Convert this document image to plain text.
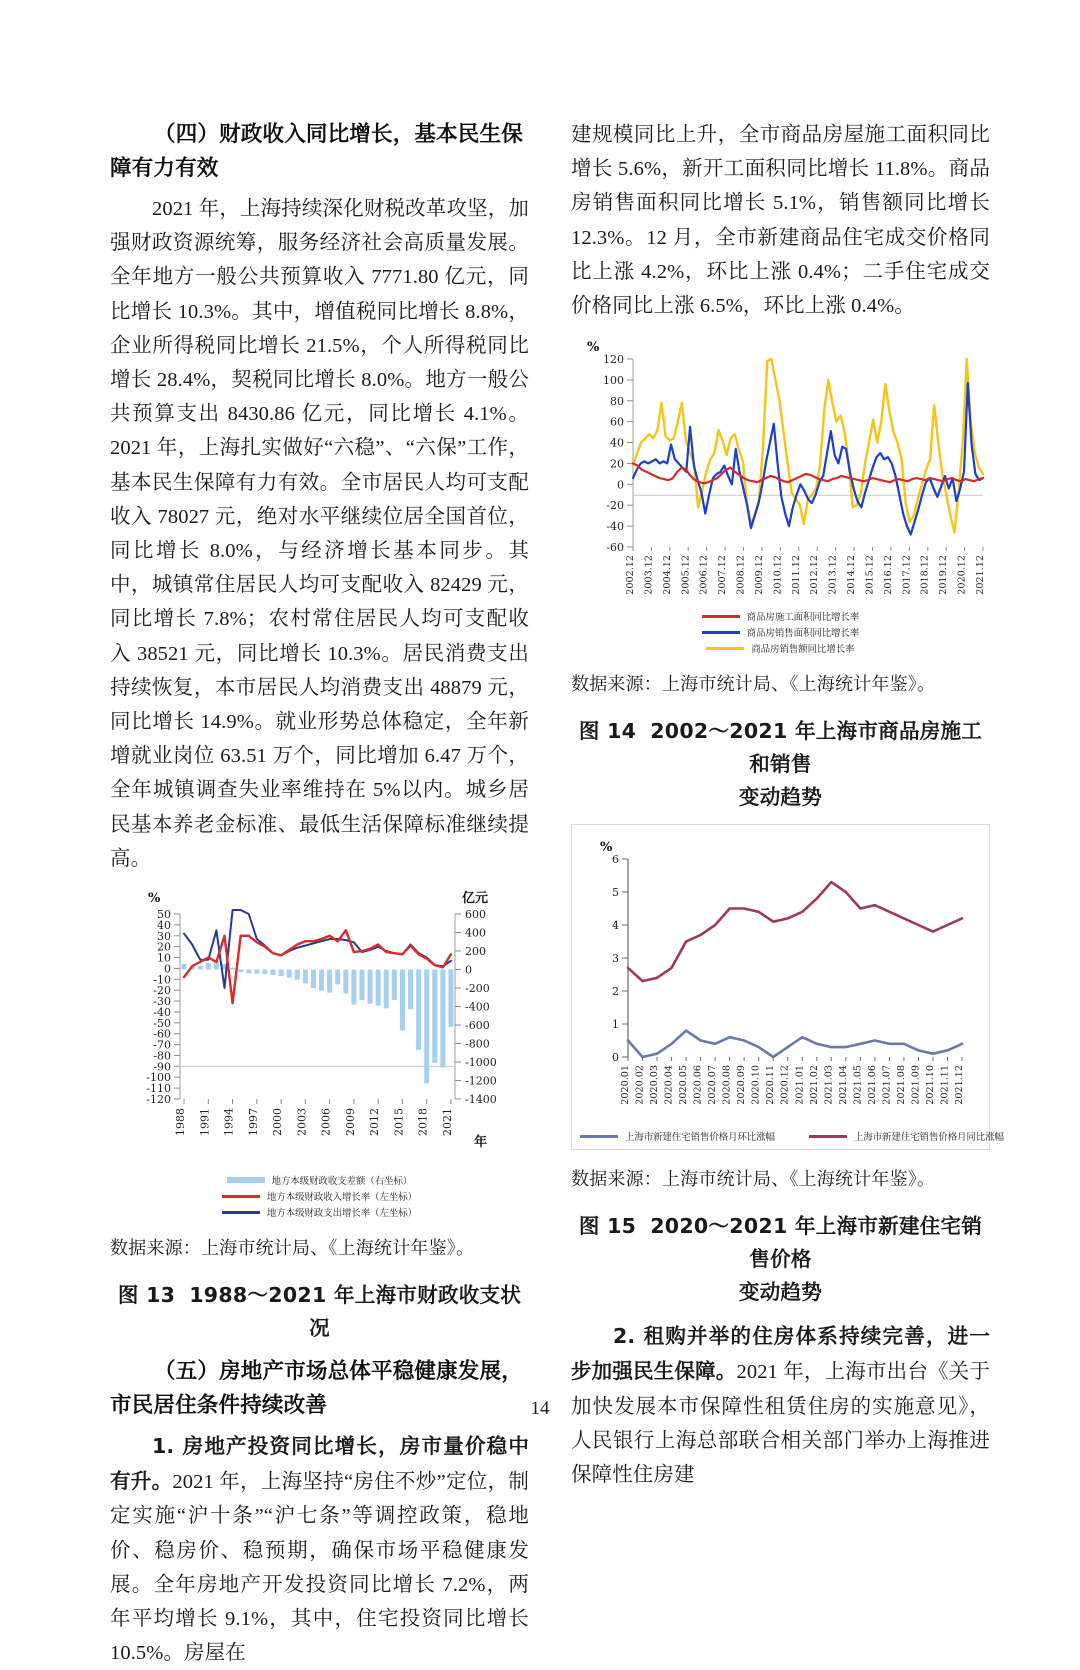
（四）财政收入同比增长，基本民生保障有力有效

2021 年，上海持续深化财税改革攻坚，加强财政资源统筹，服务经济社会高质量发展。全年地方一般公共预算收入 7771.80 亿元，同比增长 10.3%。其中，增值税同比增长 8.8%，企业所得税同比增长 21.5%，个人所得税同比增长 28.4%，契税同比增长 8.0%。地方一般公共预算支出 8430.86 亿元，同比增长 4.1%。2021 年，上海扎实做好“六稳”、“六保”工作，基本民生保障有力有效。全市居民人均可支配收入 78027 元，绝对水平继续位居全国首位，同比增长 8.0%，与经济增长基本同步。其中，城镇常住居民人均可支配收入 82429 元，同比增长 7.8%；农村常住居民人均可支配收入 38521 元，同比增长 10.3%。居民消费支出持续恢复，本市居民人均消费支出 48879 元，同比增长 14.9%。就业形势总体稳定，全年新增就业岗位 63.51 万个，同比增加 6.47 万个，全年城镇调查失业率维持在 5%以内。城乡居民基本养老金标准、最低生活保障标准继续提高。

%	亿元
50
40
30
20
10
0
-10
-20
-30
-40
-50
-60
-70
-80
-90
-100
-110
-120
600
400
200
0
-200
-400
-600
-800
-1000
-1200
-1400
1988 1991 1994 1997 2000 2003 2006 2009 2012 2015 2018 2021
年
地方本级财政收支差额（右坐标）
地方本级财政收入增长率（左坐标）
地方本级财政支出增长率（左坐标）

数据来源：上海市统计局、《上海统计年鉴》。

图 13 1988～2021 年上海市财政收支状况
（五）房地产市场总体平稳健康发展，市民居住条件持续改善

1. 房地产投资同比增长，房市量价稳中有升。2021 年，上海坚持“房住不炒”定位，制定实施“沪十条”“沪七条”等调控政策，稳地价、稳房价、稳预期，确保市场平稳健康发展。全年房地产开发投资同比增长 7.2%，两年平均增长 9.1%，其中，住宅投资同比增长 10.5%。房屋在

建规模同比上升，全市商品房屋施工面积同比增长 5.6%，新开工面积同比增长 11.8%。商品房销售面积同比增长 5.1%，销售额同比增长 12.3%。12 月，全市新建商品住宅成交价格同比上涨 4.2%，环比上涨 0.4%；二手住宅成交价格同比上涨 6.5%，环比上涨 0.4%。

%
120
100
80
60
40
20
0
-20
-40
-60
2002.12 2003.12 2004.12 2005.12 2006.12 2007.12 2008.12 2009.12 2010.12 2011.12 2012.12 2013.12 2014.12 2015.12 2016.12 2017.12 2018.12 2019.12 2020.12 2021.12
商品房施工面积同比增长率
商品房销售面积同比增长率
商品房销售额同比增长率

数据来源：上海市统计局、《上海统计年鉴》。

图 14 2002～2021 年上海市商品房施工和销售
变动趋势
%
6
5
4
3
2
1
0
2020.01 2020.02 2020.03 2020.04 2020.05 2020.06 2020.07 2020.08 2020.09 2020.10 2020.11 2020.12 2021.01 2021.02 2021.03 2021.04 2021.05 2021.06 2021.07 2021.08 2021.09 2021.10 2021.11 2021.12
上海市新建住宅销售价格月环比涨幅	上海市新建住宅销售价格月同比涨幅

数据来源：上海市统计局、《上海统计年鉴》。

图 15 2020～2021 年上海市新建住宅销售价格
变动趋势

2. 租购并举的住房体系持续完善，进一步加强民生保障。2021 年，上海市出台《关于加快发展本市保障性租赁住房的实施意见》，人民银行上海总部联合相关部门举办上海推进保障性住房建

14
